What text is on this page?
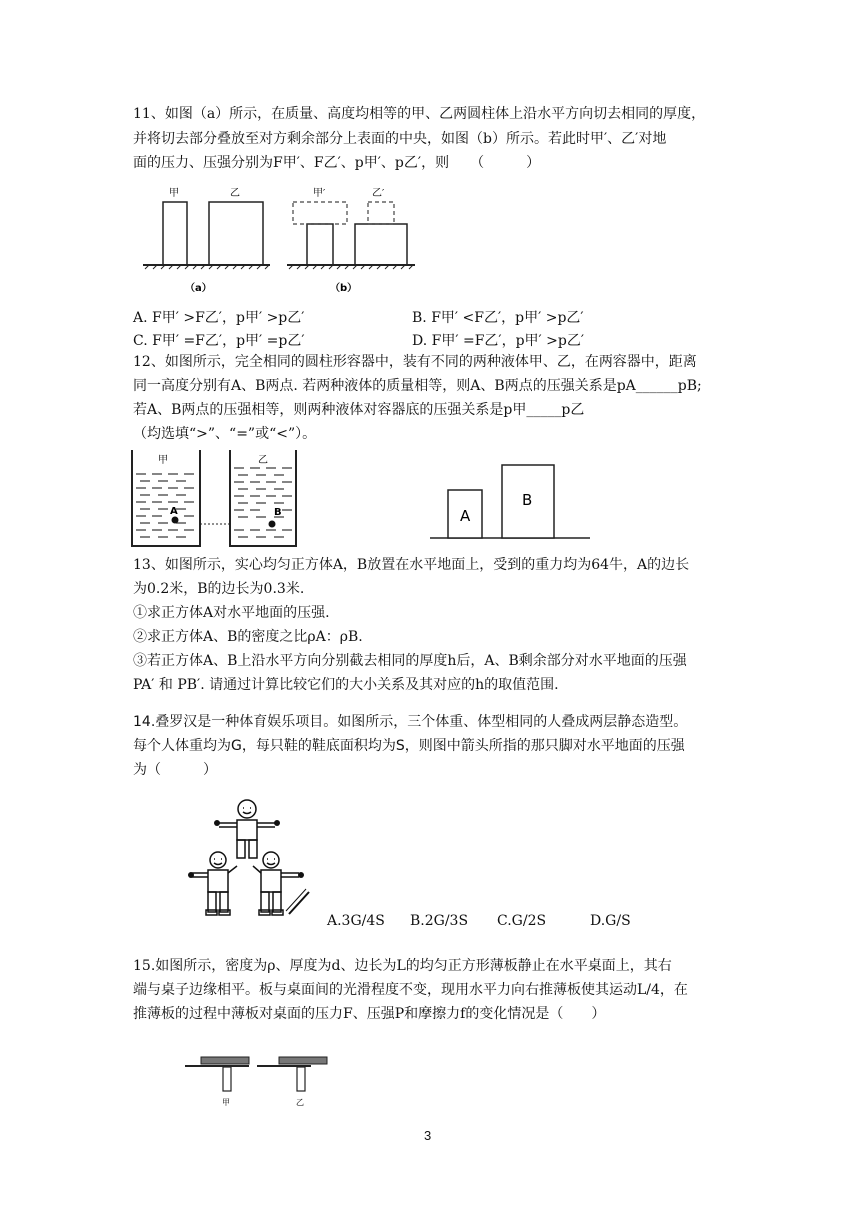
11、如图（a）所示，在质量、高度均相等的甲、乙两圆柱体上沿水平方向切去相同的厚度，
并将切去部分叠放至对方剩余部分上表面的中央，如图（b）所示。若此时甲′、乙′对地
面的压力、压强分别为F甲′、F乙′、p甲′、p乙′，则　　（　　　）
甲	乙
（a）
甲′	乙′
（b）
A. F甲′ >F乙′，p甲′ >p乙′	B. F甲′ <F乙′，p甲′ >p乙′
C. F甲′ =F乙′，p甲′ =p乙′	D. F甲′ =F乙′，p甲′ >p乙′
12、如图所示，完全相同的圆柱形容器中，装有不同的两种液体甲、乙，在两容器中，距离
同一高度分别有A、B两点. 若两种液体的质量相等，则A、B两点的压强关系是pA______pB;
若A、B两点的压强相等，则两种液体对容器底的压强关系是p甲_____p乙
（均选填“>”、“=”或“<”）。
A
甲
B
乙
A
B
13、如图所示，实心均匀正方体A，B放置在水平地面上，受到的重力均为64牛，A的边长
为0.2米，B的边长为0.3米.
①求正方体A对水平地面的压强.
②求正方体A、B的密度之比ρA：ρB.
③若正方体A、B上沿水平方向分别截去相同的厚度h后，A、B剩余部分对水平地面的压强
PA′ 和 PB′. 请通过计算比较它们的大小关系及其对应的h的取值范围.
14.叠罗汉是一种体育娱乐项目。如图所示，三个体重、体型相同的人叠成两层静态造型。
每个人体重均为G，每只鞋的鞋底面积均为S，则图中箭头所指的那只脚对水平地面的压强
为（　　　）
A.3G/4S B.2G/3S C.G/2S	D.G/S
15.如图所示，密度为ρ、厚度为d、边长为L的均匀正方形薄板静止在水平桌面上，其右
端与桌子边缘相平。板与桌面间的光滑程度不变，现用水平力向右推薄板使其运动L/4，在
推薄板的过程中薄板对桌面的压力F、压强P和摩擦力f的变化情况是（　　）
甲	乙
3
